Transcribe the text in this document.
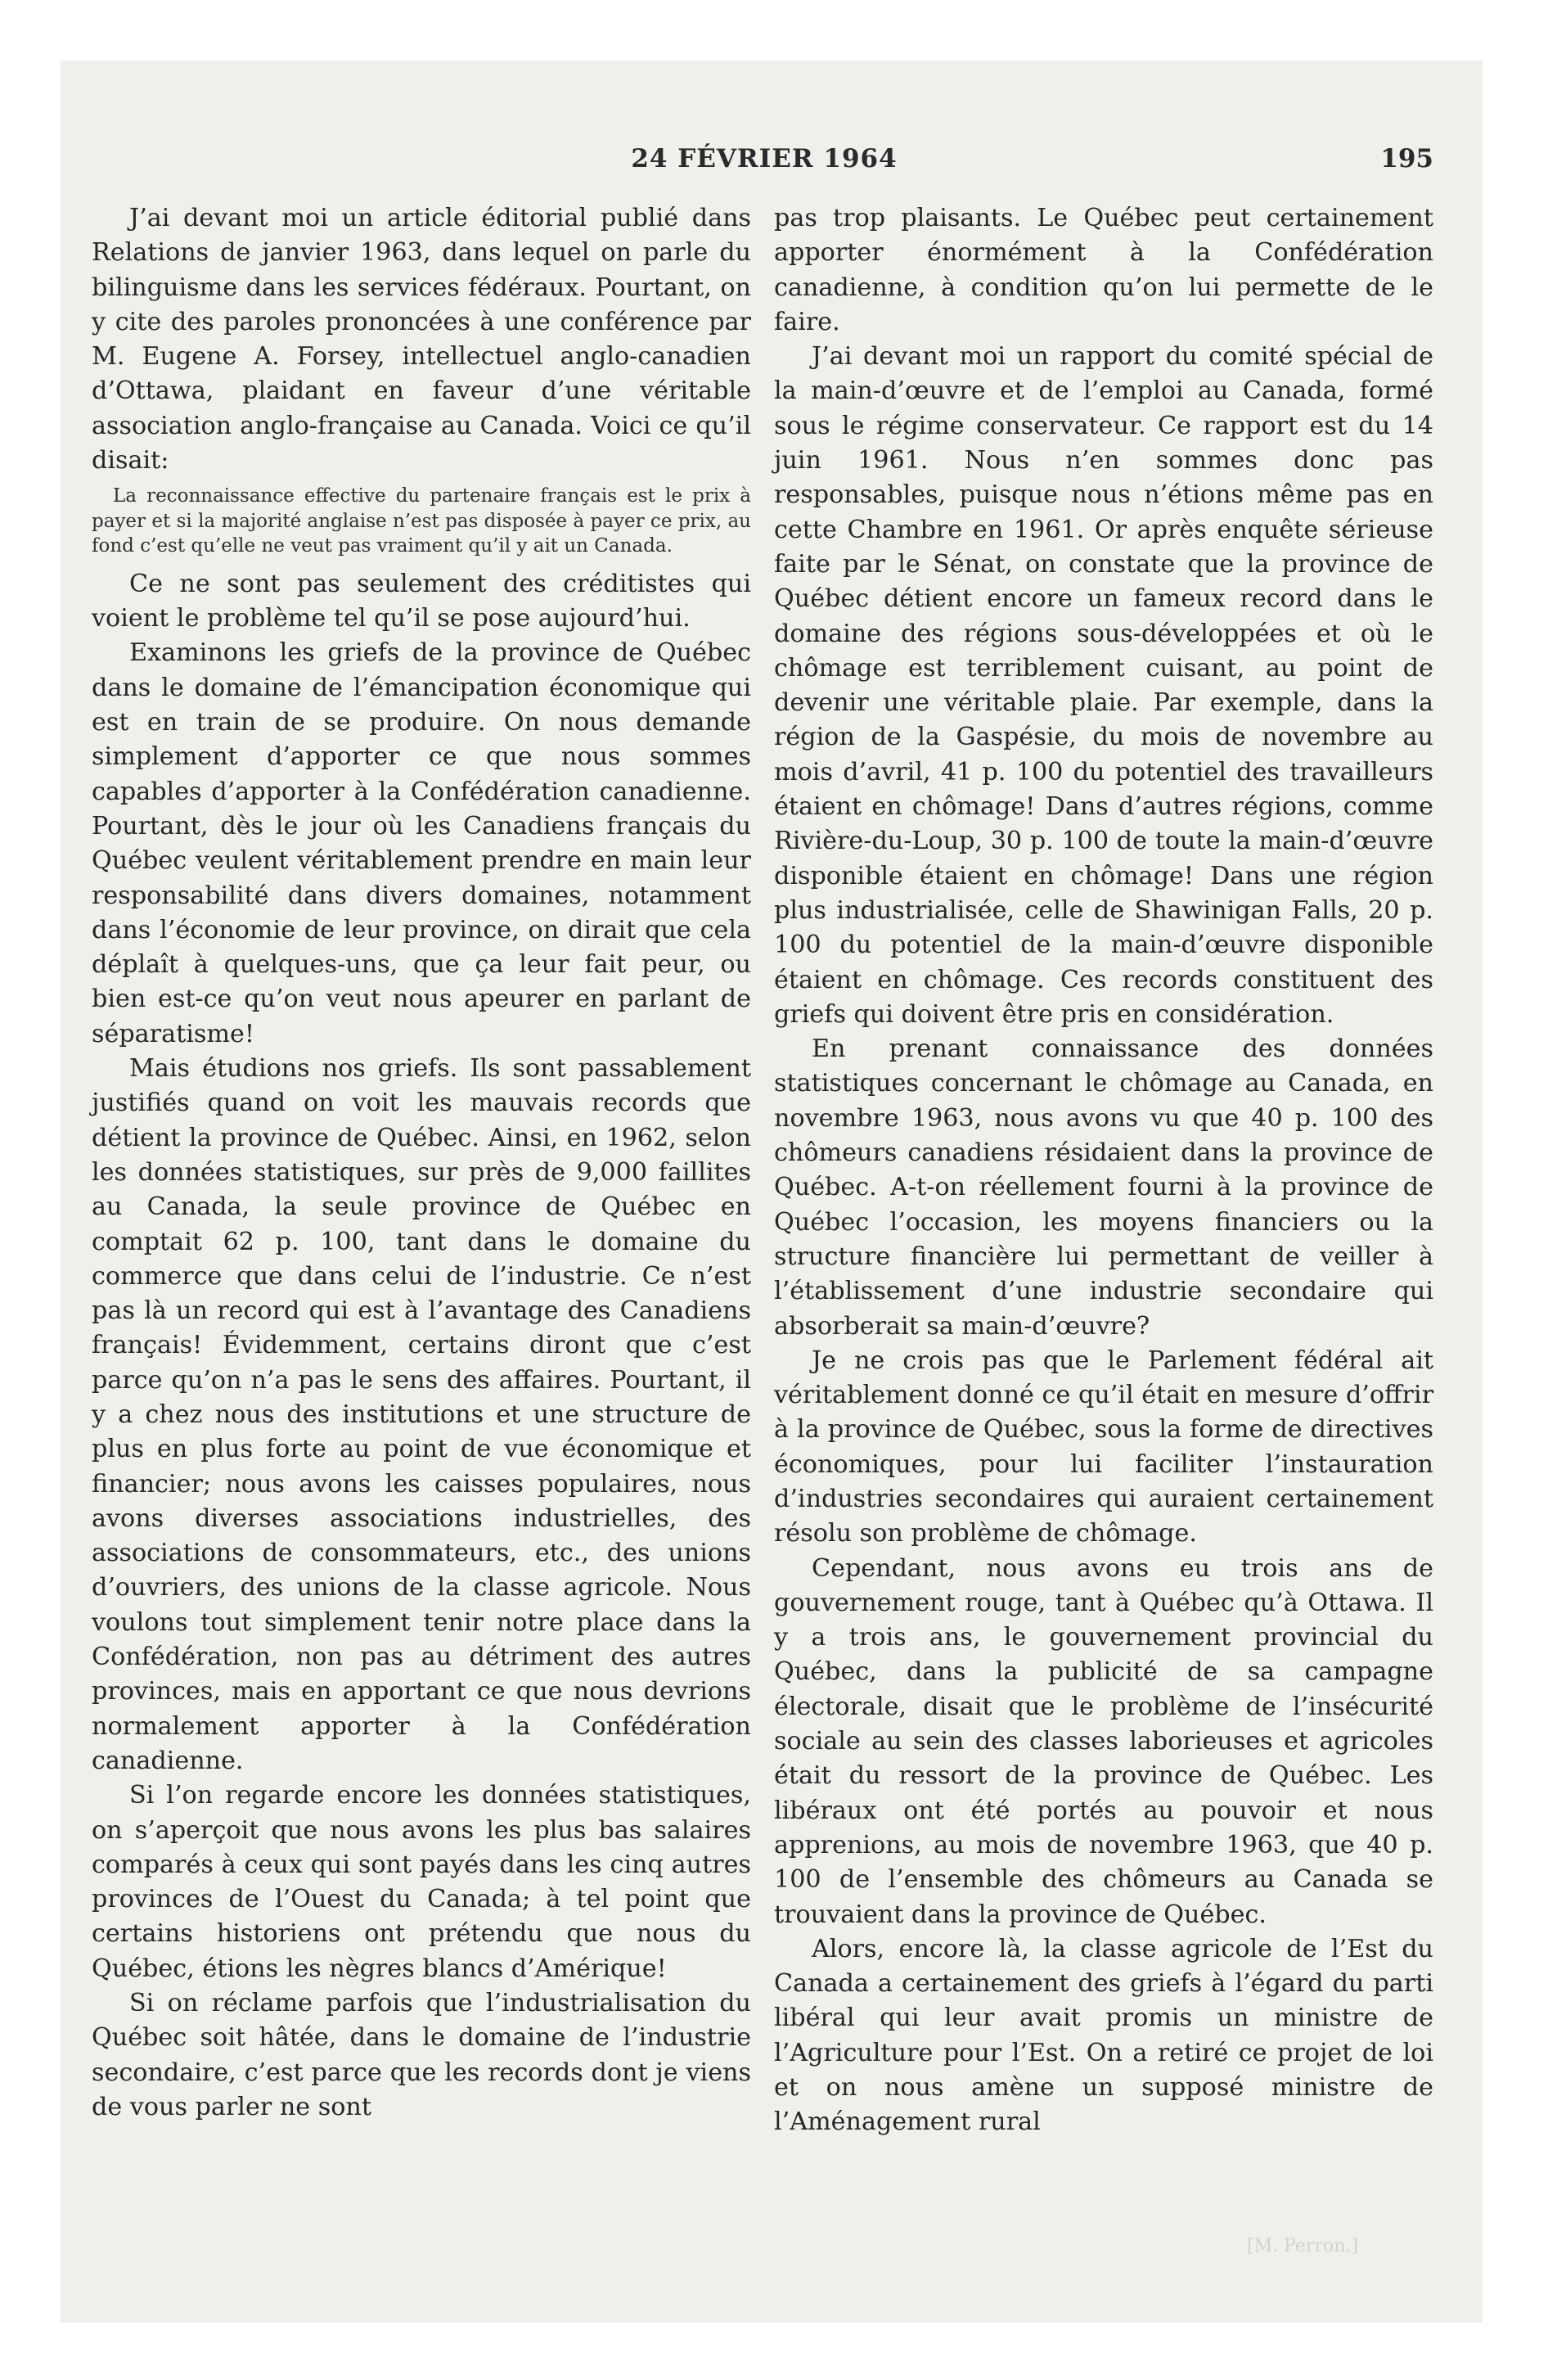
24 FÉVRIER 1964	195

J’ai devant moi un article éditorial publié dans Relations de janvier 1963, dans lequel on parle du bilinguisme dans les services fédéraux. Pourtant, on y cite des paroles prononcées à une conférence par M. Eugene A. Forsey, intellectuel anglo-canadien d’Ottawa, plaidant en faveur d’une véritable association anglo-française au Canada. Voici ce qu’il disait:

La reconnaissance effective du partenaire français est le prix à payer et si la majorité anglaise n’est pas disposée à payer ce prix, au fond c’est qu’elle ne veut pas vraiment qu’il y ait un Canada.

Ce ne sont pas seulement des créditistes qui voient le problème tel qu’il se pose aujourd’hui.

Examinons les griefs de la province de Québec dans le domaine de l’émancipation économique qui est en train de se produire. On nous demande simplement d’apporter ce que nous sommes capables d’apporter à la Confédération canadienne. Pourtant, dès le jour où les Canadiens français du Québec veulent véritablement prendre en main leur responsabilité dans divers domaines, notamment dans l’économie de leur province, on dirait que cela déplaît à quelques-uns, que ça leur fait peur, ou bien est-ce qu’on veut nous apeurer en parlant de séparatisme!

Mais étudions nos griefs. Ils sont passablement justifiés quand on voit les mauvais records que détient la province de Québec. Ainsi, en 1962, selon les données statistiques, sur près de 9,000 faillites au Canada, la seule province de Québec en comptait 62 p. 100, tant dans le domaine du commerce que dans celui de l’industrie. Ce n’est pas là un record qui est à l’avantage des Canadiens français! Évidemment, certains diront que c’est parce qu’on n’a pas le sens des affaires. Pourtant, il y a chez nous des institutions et une structure de plus en plus forte au point de vue économique et financier; nous avons les caisses populaires, nous avons diverses associations industrielles, des associations de consommateurs, etc., des unions d’ouvriers, des unions de la classe agricole. Nous voulons tout simplement tenir notre place dans la Confédération, non pas au détriment des autres provinces, mais en apportant ce que nous devrions normalement apporter à la Confédération canadienne.

Si l’on regarde encore les données statistiques, on s’aperçoit que nous avons les plus bas salaires comparés à ceux qui sont payés dans les cinq autres provinces de l’Ouest du Canada; à tel point que certains historiens ont prétendu que nous du Québec, étions les nègres blancs d’Amérique!

Si on réclame parfois que l’industrialisation du Québec soit hâtée, dans le domaine de l’industrie secondaire, c’est parce que les records dont je viens de vous parler ne sont

pas trop plaisants. Le Québec peut certainement apporter énormément à la Confédération canadienne, à condition qu’on lui permette de le faire.

J’ai devant moi un rapport du comité spécial de la main-d’œuvre et de l’emploi au Canada, formé sous le régime conservateur. Ce rapport est du 14 juin 1961. Nous n’en sommes donc pas responsables, puisque nous n’étions même pas en cette Chambre en 1961. Or après enquête sérieuse faite par le Sénat, on constate que la province de Québec détient encore un fameux record dans le domaine des régions sous-développées et où le chômage est terriblement cuisant, au point de devenir une véritable plaie. Par exemple, dans la région de la Gaspésie, du mois de novembre au mois d’avril, 41 p. 100 du potentiel des travailleurs étaient en chômage! Dans d’autres régions, comme Rivière-du-Loup, 30 p. 100 de toute la main-d’œuvre disponible étaient en chômage! Dans une région plus industrialisée, celle de Shawinigan Falls, 20 p. 100 du potentiel de la main-d’œuvre disponible étaient en chômage. Ces records constituent des griefs qui doivent être pris en considération.

En prenant connaissance des données statistiques concernant le chômage au Canada, en novembre 1963, nous avons vu que 40 p. 100 des chômeurs canadiens résidaient dans la province de Québec. A-t-on réellement fourni à la province de Québec l’occasion, les moyens financiers ou la structure financière lui permettant de veiller à l’établissement d’une industrie secondaire qui absorberait sa main-d’œuvre?

Je ne crois pas que le Parlement fédéral ait véritablement donné ce qu’il était en mesure d’offrir à la province de Québec, sous la forme de directives économiques, pour lui faciliter l’instauration d’industries secondaires qui auraient certainement résolu son problème de chômage.

Cependant, nous avons eu trois ans de gouvernement rouge, tant à Québec qu’à Ottawa. Il y a trois ans, le gouvernement provincial du Québec, dans la publicité de sa campagne électorale, disait que le problème de l’insécurité sociale au sein des classes laborieuses et agricoles était du ressort de la province de Québec. Les libéraux ont été portés au pouvoir et nous apprenions, au mois de novembre 1963, que 40 p. 100 de l’ensemble des chômeurs au Canada se trouvaient dans la province de Québec.

Alors, encore là, la classe agricole de l’Est du Canada a certainement des griefs à l’égard du parti libéral qui leur avait promis un ministre de l’Agriculture pour l’Est. On a retiré ce projet de loi et on nous amène un supposé ministre de l’Aménagement rural

[M. Perron.]
